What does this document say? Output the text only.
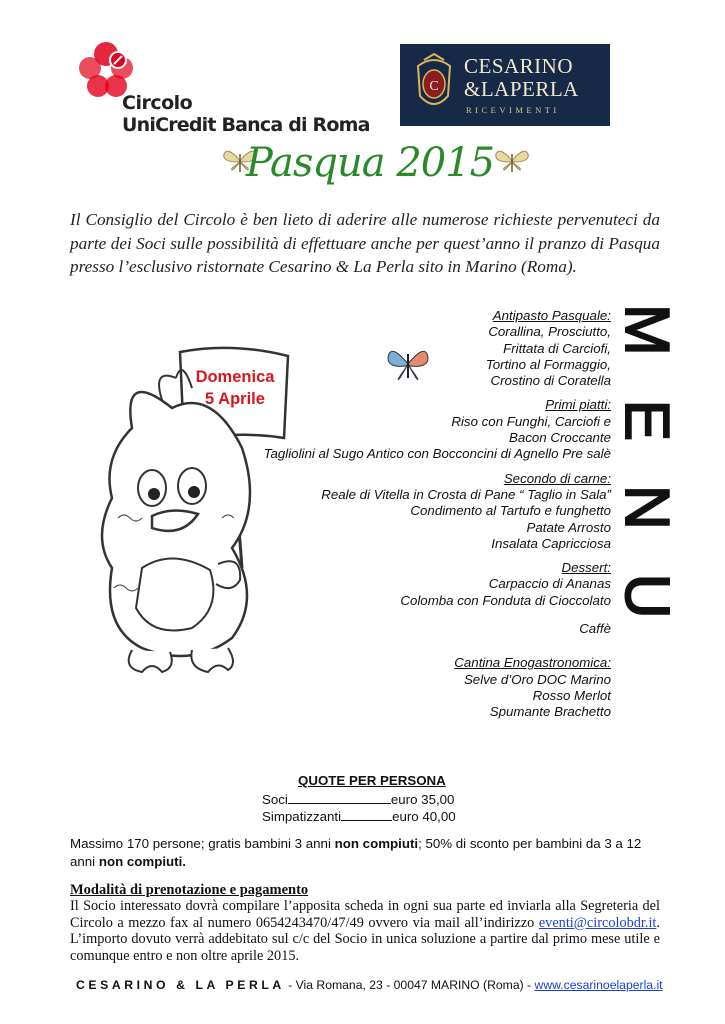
Circolo
UniCredit Banca di Roma
C
CESARINO
&LAPERLA
RICEVIMENTI
Pasqua 2015
Il Consiglio del Circolo è ben lieto di aderire alle numerose richieste pervenuteci da parte dei Soci sulle possibilità di effettuare anche per quest’anno il pranzo di Pasqua presso l’esclusivo ristornate Cesarino & La Perla sito in Marino (Roma).
Domenica
5 Aprile
Antipasto Pasquale:
Corallina, Prosciutto,
Frittata di Carciofi,
Tortino al Formaggio,
Crostino di Coratella
Primi piatti:
Riso con Funghi, Carciofi e
Bacon Croccante
Tagliolini al Sugo Antico con Bocconcini di Agnello Pre salè
Secondo di carne:
Reale di Vitella in Crosta di Pane “ Taglio in Sala”
Condimento al Tartufo e funghetto
Patate Arrosto
Insalata Capricciosa
Dessert:
Carpaccio di Ananas
Colomba con Fonduta di Cioccolato
Caffè
Cantina Enogastronomica:
Selve d’Oro DOC Marino
Rosso Merlot
Spumante Brachetto
MENU
QUOTE PER PERSONA
Soci	euro 35,00
Simpatizzanti	euro 40,00
Massimo 170 persone; gratis bambini 3 anni non compiuti; 50% di sconto per bambini da 3 a 12 anni non compiuti.
Modalità di prenotazione e pagamento
Il Socio interessato dovrà compilare l’apposita scheda in ogni sua parte ed inviarla alla Segreteria del Circolo a mezzo fax al numero 0654243470/47/49 ovvero via mail all’indirizzo eventi@circolobdr.it. L’importo dovuto verrà addebitato sul c/c del Socio in unica soluzione a partire dal primo mese utile e comunque entro e non oltre aprile 2015.
CESARINO & LA PERLA - Via Romana, 23 - 00047 MARINO (Roma) - www.cesarinoelaperla.it
